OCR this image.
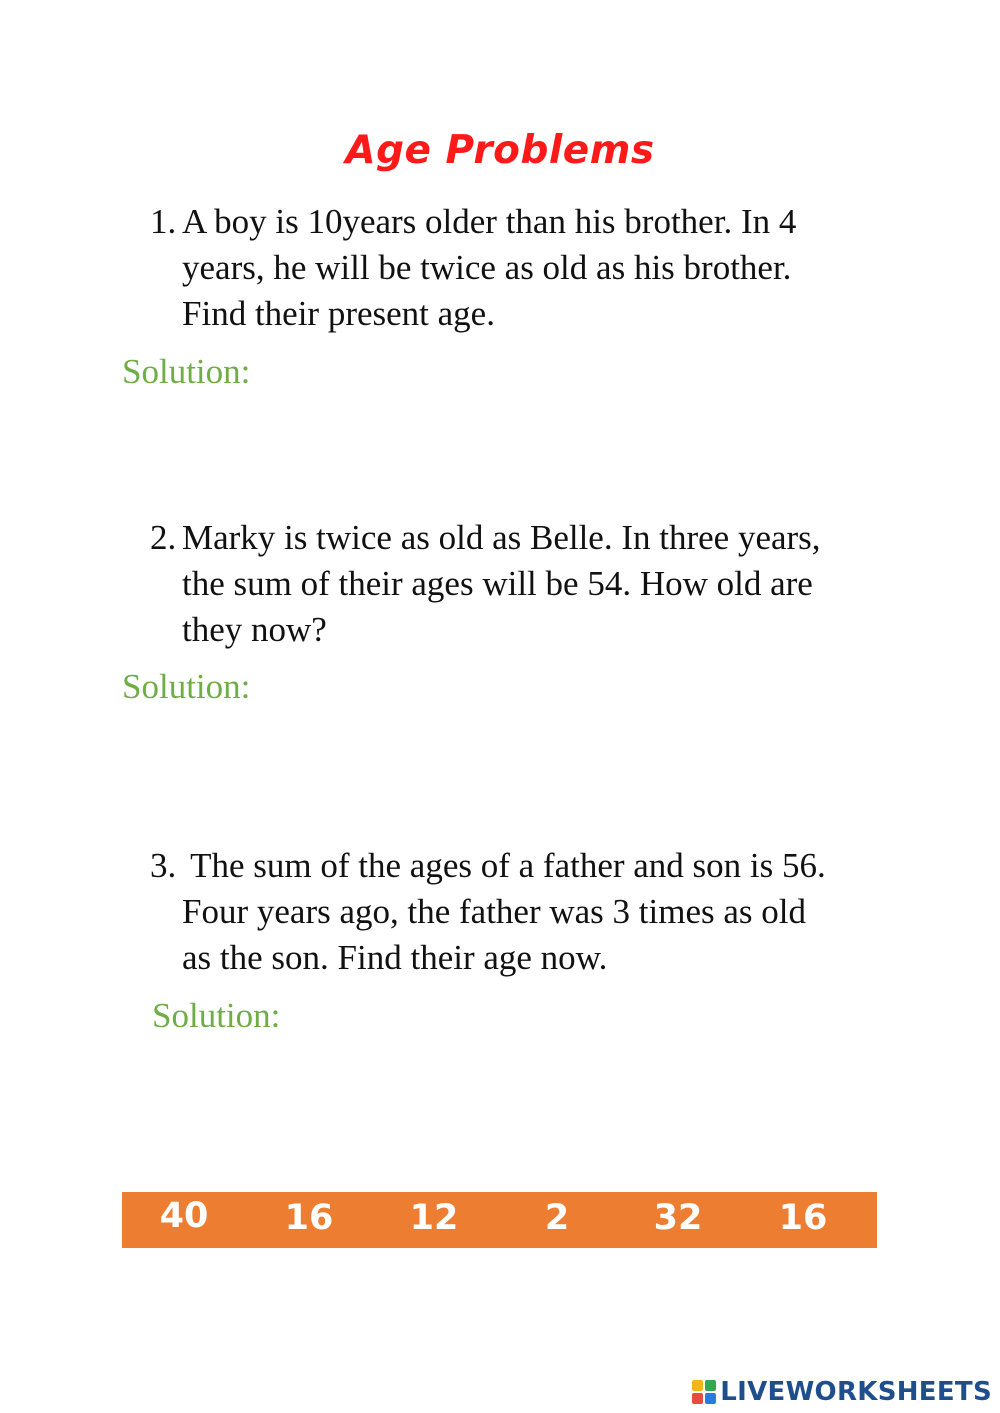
Age Problems
1. A boy is 10years older than his brother. In 4
years, he will be twice as old as his brother.
Find their present age.
Solution:
2. Marky is twice as old as Belle. In three years,
the sum of their ages will be 54. How old are
they now?
Solution:
3. The sum of the ages of a father and son is 56.
Four years ago, the father was 3 times as old
as the son. Find their age now.
Solution:
40 16 12 2 32 16
LIVEWORKSHEETS
